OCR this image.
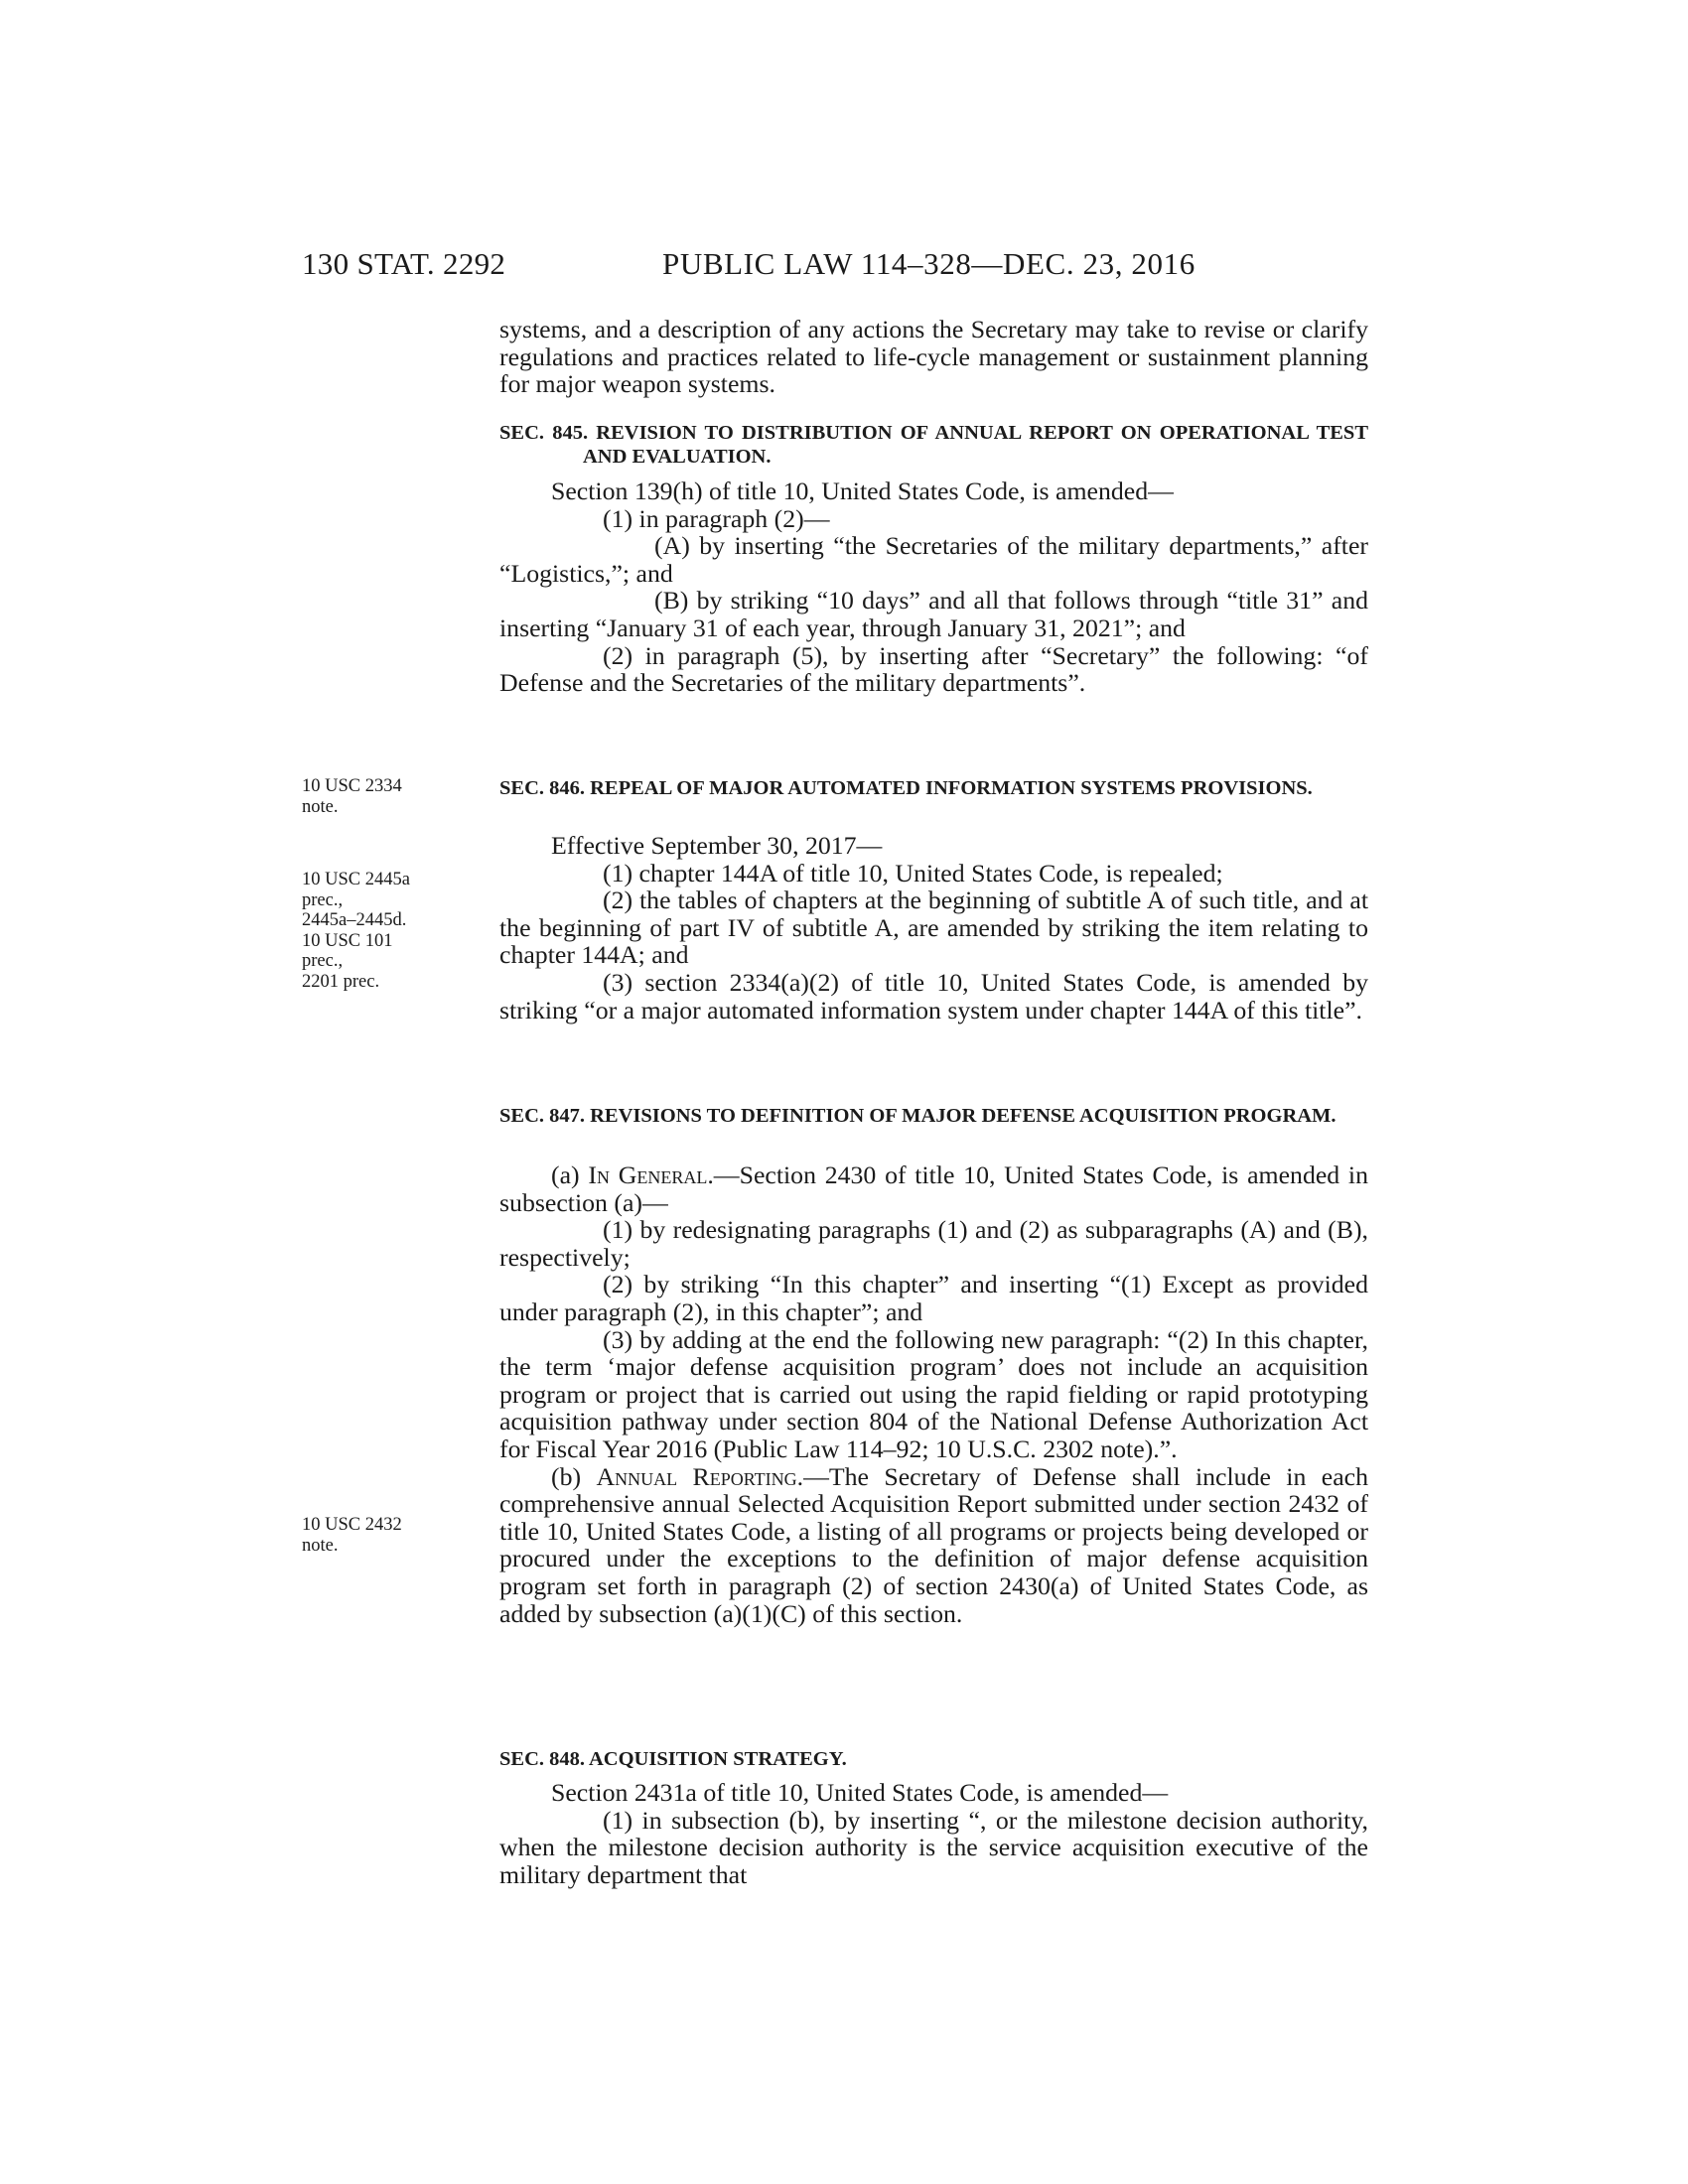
130 STAT. 2292	PUBLIC LAW 114–328—DEC. 23, 2016

systems, and a description of any actions the Secretary may take to revise or clarify regulations and practices related to life-cycle management or sustainment planning for major weapon systems.

SEC. 845. REVISION TO DISTRIBUTION OF ANNUAL REPORT ON OPERATIONAL TEST AND EVALUATION.

Section 139(h) of title 10, United States Code, is amended—

(1) in paragraph (2)—

(A) by inserting “the Secretaries of the military departments,” after “Logistics,”; and

(B) by striking “10 days” and all that follows through “title 31” and inserting “January 31 of each year, through January 31, 2021”; and

(2) in paragraph (5), by inserting after “Secretary” the following: “of Defense and the Secretaries of the military departments”.

SEC. 846. REPEAL OF MAJOR AUTOMATED INFORMATION SYSTEMS PROVISIONS.

Effective September 30, 2017—

(1) chapter 144A of title 10, United States Code, is repealed;

(2) the tables of chapters at the beginning of subtitle A of such title, and at the beginning of part IV of subtitle A, are amended by striking the item relating to chapter 144A; and

(3) section 2334(a)(2) of title 10, United States Code, is amended by striking “or a major automated information system under chapter 144A of this title”.

SEC. 847. REVISIONS TO DEFINITION OF MAJOR DEFENSE ACQUISITION PROGRAM.

(a) In General.—Section 2430 of title 10, United States Code, is amended in subsection (a)—

(1) by redesignating paragraphs (1) and (2) as subparagraphs (A) and (B), respectively;

(2) by striking “In this chapter” and inserting “(1) Except as provided under paragraph (2), in this chapter”; and

(3) by adding at the end the following new paragraph: “(2) In this chapter, the term ‘major defense acquisition program’ does not include an acquisition program or project that is carried out using the rapid fielding or rapid prototyping acquisition pathway under section 804 of the National Defense Authorization Act for Fiscal Year 2016 (Public Law 114–92; 10 U.S.C. 2302 note).”.

(b) Annual Reporting.—The Secretary of Defense shall include in each comprehensive annual Selected Acquisition Report submitted under section 2432 of title 10, United States Code, a listing of all programs or projects being developed or procured under the exceptions to the definition of major defense acquisition program set forth in paragraph (2) of section 2430(a) of United States Code, as added by subsection (a)(1)(C) of this section.

SEC. 848. ACQUISITION STRATEGY.

Section 2431a of title 10, United States Code, is amended—

(1) in subsection (b), by inserting “, or the milestone decision authority, when the milestone decision authority is the service acquisition executive of the military department that

10 USC 2334
note.
10 USC 2445a
prec.,
2445a–2445d.
10 USC 101
prec.,
2201 prec.
10 USC 2432
note.
